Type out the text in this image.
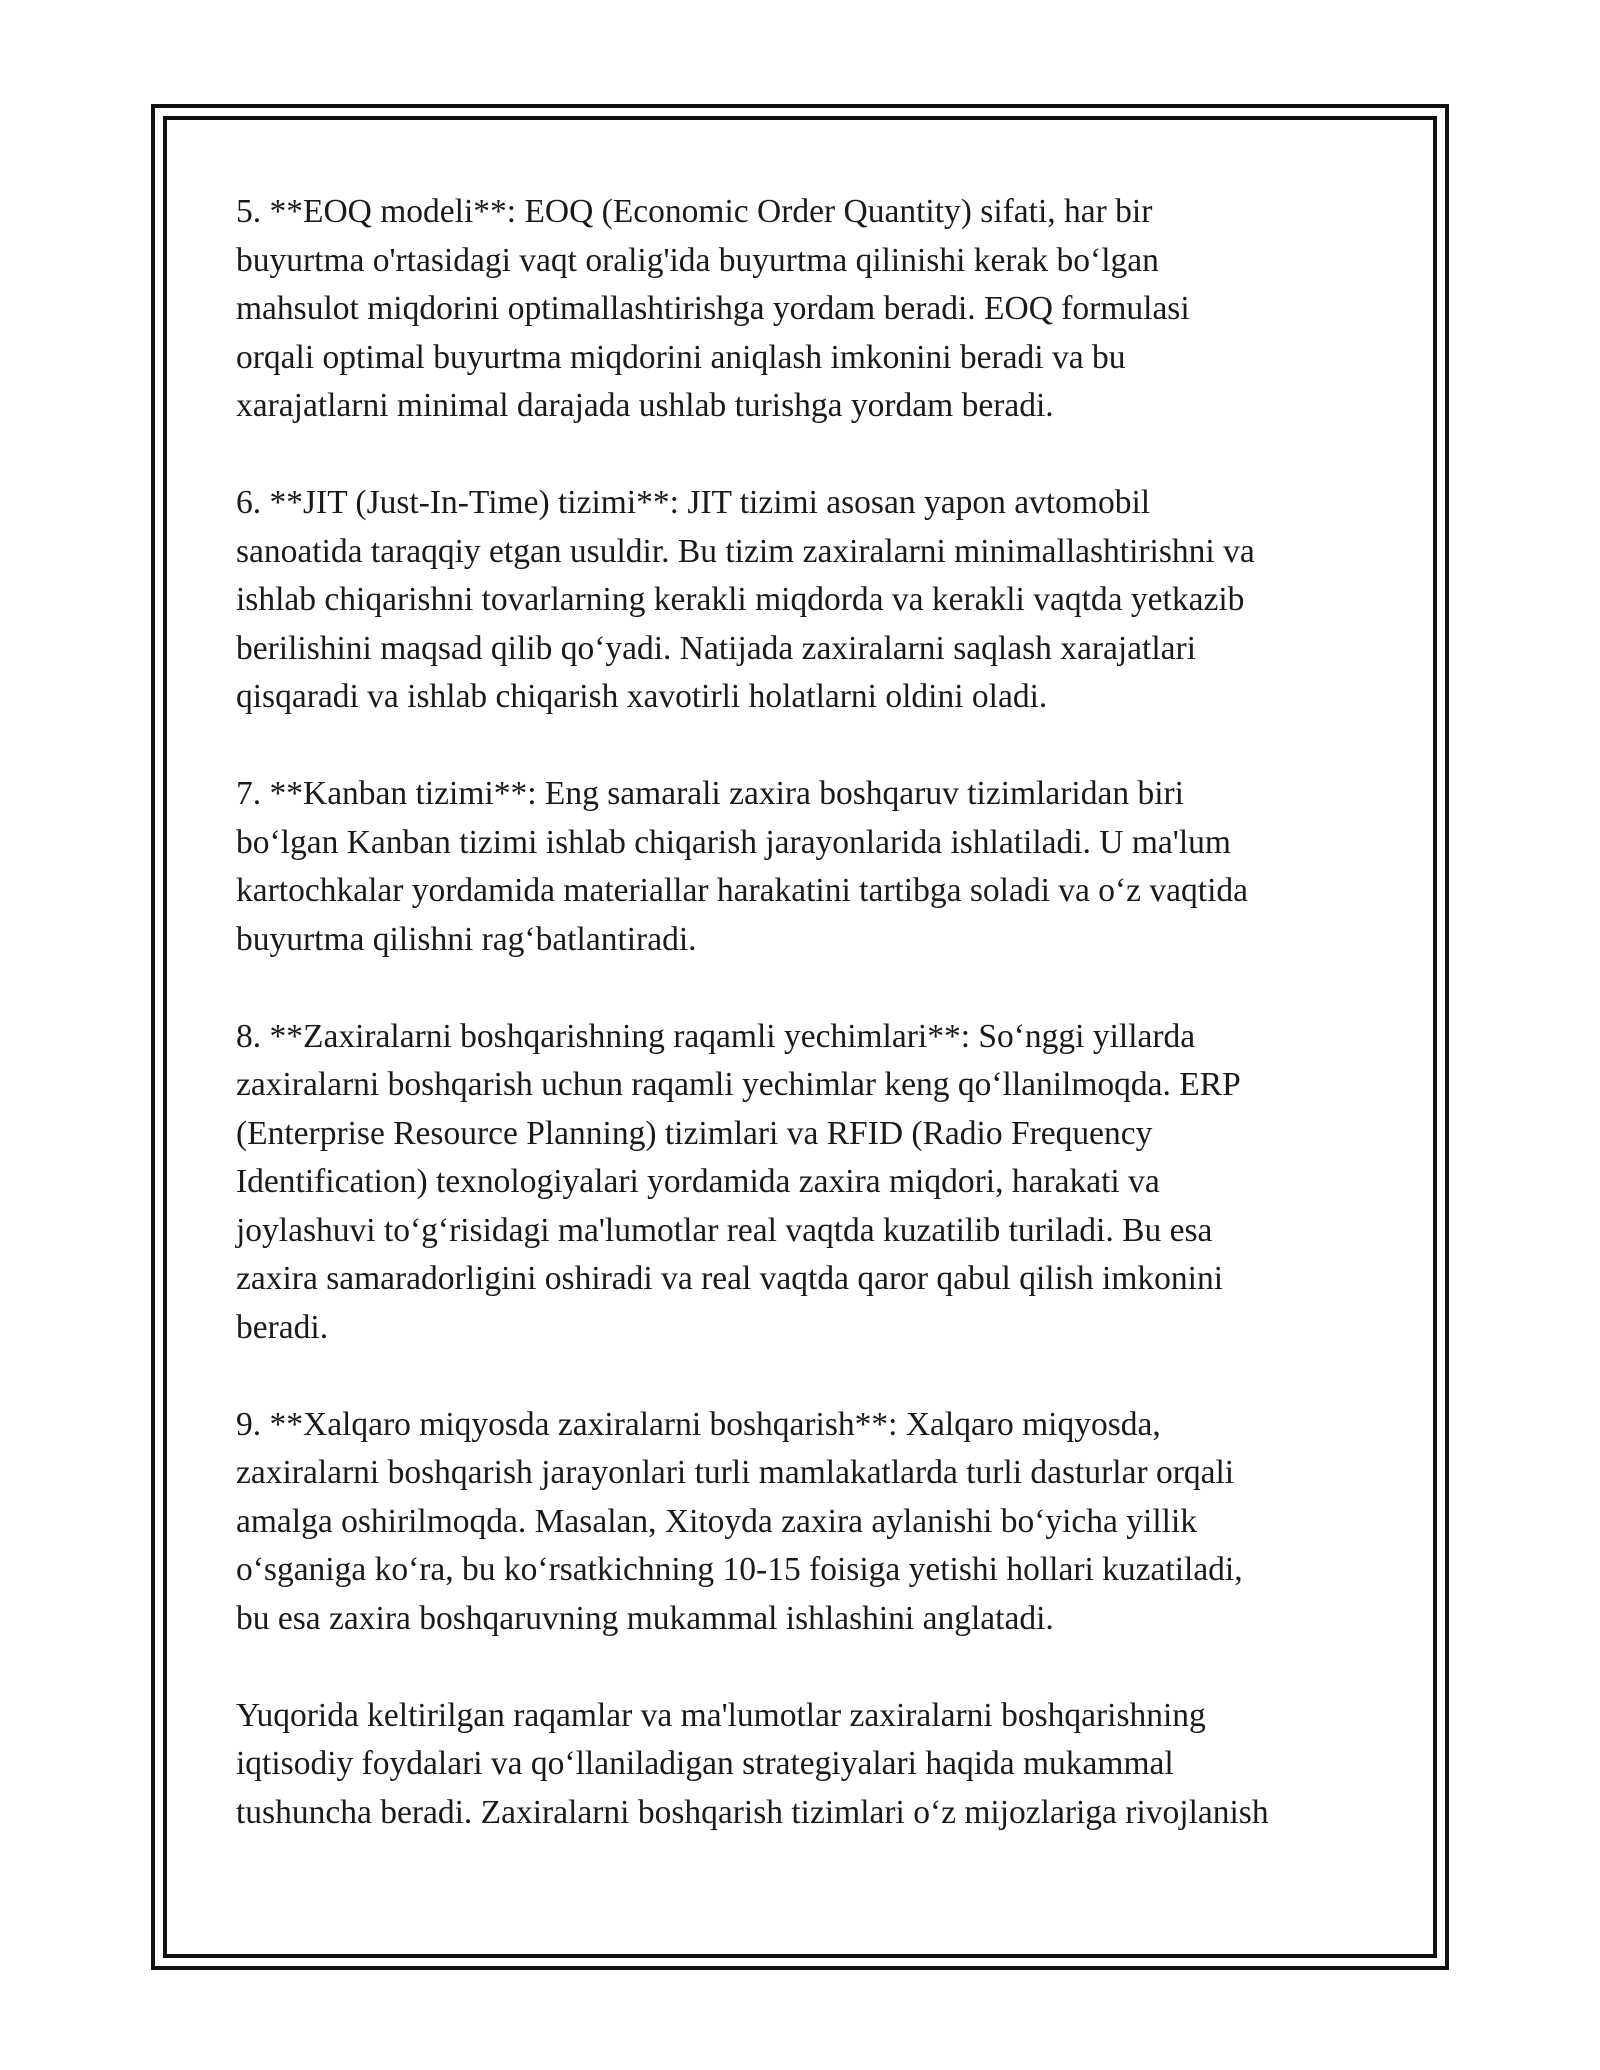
5. **EOQ modeli**: EOQ (Economic Order Quantity) sifati, har bir
buyurtma o'rtasidagi vaqt oralig'ida buyurtma qilinishi kerak bo‘lgan
mahsulot miqdorini optimallashtirishga yordam beradi. EOQ formulasi
orqali optimal buyurtma miqdorini aniqlash imkonini beradi va bu
xarajatlarni minimal darajada ushlab turishga yordam beradi.

6. **JIT (Just-In-Time) tizimi**: JIT tizimi asosan yapon avtomobil
sanoatida taraqqiy etgan usuldir. Bu tizim zaxiralarni minimallashtirishni va
ishlab chiqarishni tovarlarning kerakli miqdorda va kerakli vaqtda yetkazib
berilishini maqsad qilib qo‘yadi. Natijada zaxiralarni saqlash xarajatlari
qisqaradi va ishlab chiqarish xavotirli holatlarni oldini oladi.

7. **Kanban tizimi**: Eng samarali zaxira boshqaruv tizimlaridan biri
bo‘lgan Kanban tizimi ishlab chiqarish jarayonlarida ishlatiladi. U ma'lum
kartochkalar yordamida materiallar harakatini tartibga soladi va o‘z vaqtida
buyurtma qilishni rag‘batlantiradi.

8. **Zaxiralarni boshqarishning raqamli yechimlari**: So‘nggi yillarda
zaxiralarni boshqarish uchun raqamli yechimlar keng qo‘llanilmoqda. ERP
(Enterprise Resource Planning) tizimlari va RFID (Radio Frequency
Identification) texnologiyalari yordamida zaxira miqdori, harakati va
joylashuvi to‘g‘risidagi ma'lumotlar real vaqtda kuzatilib turiladi. Bu esa
zaxira samaradorligini oshiradi va real vaqtda qaror qabul qilish imkonini
beradi.

9. **Xalqaro miqyosda zaxiralarni boshqarish**: Xalqaro miqyosda,
zaxiralarni boshqarish jarayonlari turli mamlakatlarda turli dasturlar orqali
amalga oshirilmoqda. Masalan, Xitoyda zaxira aylanishi bo‘yicha yillik
o‘sganiga ko‘ra, bu ko‘rsatkichning 10-15 foisiga yetishi hollari kuzatiladi,
bu esa zaxira boshqaruvning mukammal ishlashini anglatadi.

Yuqorida keltirilgan raqamlar va ma'lumotlar zaxiralarni boshqarishning
iqtisodiy foydalari va qo‘llaniladigan strategiyalari haqida mukammal
tushuncha beradi. Zaxiralarni boshqarish tizimlari o‘z mijozlariga rivojlanish
